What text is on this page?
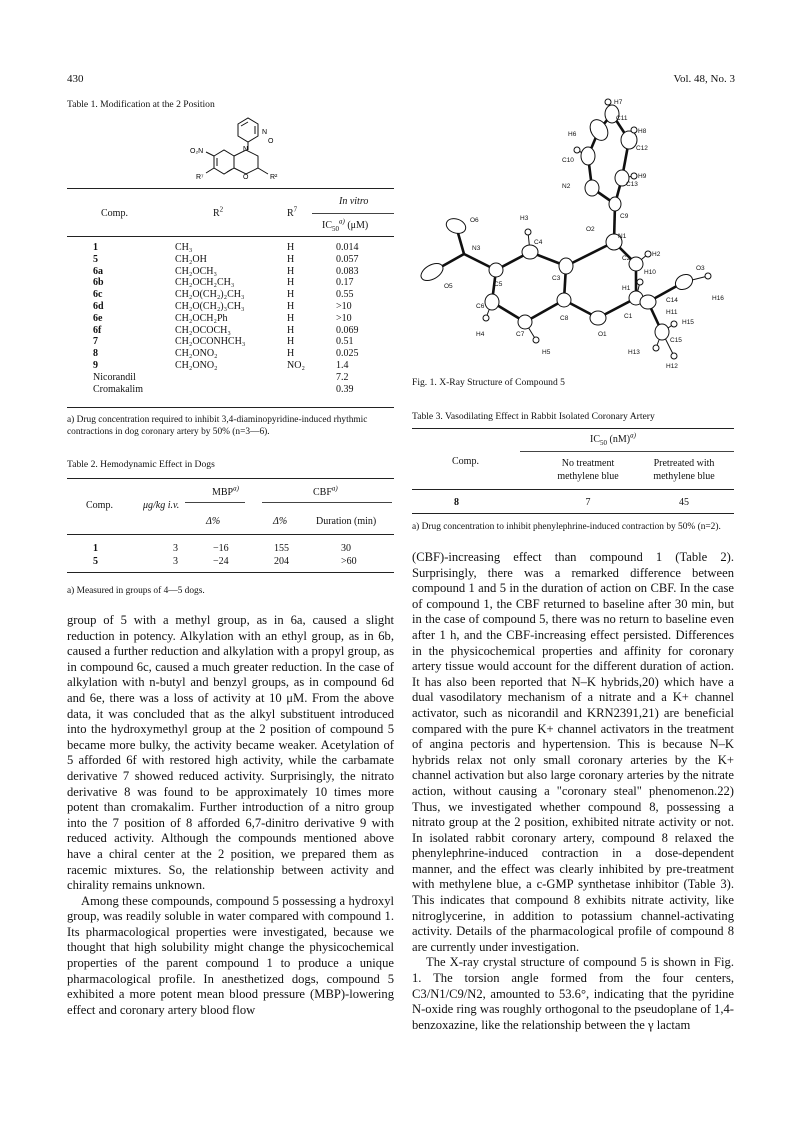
430	Vol. 48, No. 3
Table 1. Modification at the 2 Position
N
O
N
O
O₂N
R⁷	R²
In vitro
Comp.	$R^2$	$R^7$
$IC_{50}^{a)}$ (μM)
1	CH₃	H	0.014
5	CH₂OH	H	0.057
6a	CH₂OCH₃	H	0.083
6b	CH₂OCH₂CH₃	H	0.17
6c	CH₂O(CH₂)₂CH₃	H	0.55
6d	CH₂O(CH₂)₃CH₃	H	>10
6e	CH₂OCH₂Ph	H	>10
6f	CH₂OCOCH₃	H	0.069
7	CH₂OCONHCH₃	H	0.51
8	CH₂ONO₂	H	0.025
9	CH₂ONO₂	NO₂	1.4
Nicorandil	7.2
Cromakalim	0.39
a) Drug concentration required to inhibit 3,4-diaminopyridine-induced rhythmic contractions in dog coronary artery by 50% (n=3—6).
Table 2. Hemodynamic Effect in Dogs
MBP$^{a)}$	CBF$^{a)}$
Comp.	μg/kg i.v.
Δ%	Δ%	Duration (min)
1	3	−16	155	30
5	3	−24	204	>60
a) Measured in groups of 4—5 dogs.
H7
C11
H6	H8
C12
C10
N2	C13
H9
O6
O2
C9
H3
N3
C4
N1
C3
C2
H2
O3
C5
H10
H1
O5
C14	H16
C6
C8	C1
H11
H15
H4	C7	O1
H13
C15
H5
H12
Fig. 1. X-Ray Structure of Compound 5
Table 3. Vasodilating Effect in Rabbit Isolated Coronary Artery
$IC_{50}$ (nM)$^{a)}$
Comp.	No treatment
methylene blue
Pretreated with
methylene blue
8	7	45
a) Drug concentration to inhibit phenylephrine-induced contraction by 50% (n=2).

group of 5 with a methyl group, as in 6a, caused a slight reduction in potency. Alkylation with an ethyl group, as in 6b, caused a further reduction and alkylation with a propyl group, as in compound 6c, caused a much greater reduction. In the case of alkylation with n-butyl and benzyl groups, as in compound 6d and 6e, there was a loss of activity at 10 μM. From the above data, it was concluded that as the alkyl substituent introduced into the hydroxymethyl group at the 2 position of compound 5 became more bulky, the activity became weaker. Acetylation of 5 afforded 6f with restored high activity, while the carbamate derivative 7 showed reduced activity. Surprisingly, the nitrato derivative 8 was found to be approximately 10 times more potent than cromakalim. Further introduction of a nitro group into the 7 position of 8 afforded 6,7-dinitro derivative 9 with reduced activity. Although the compounds mentioned above have a chiral center at the 2 position, we prepared them as racemic mixtures. So, the relationship between activity and chirality remains unknown.

Among these compounds, compound 5 possessing a hydroxyl group, was readily soluble in water compared with compound 1. Its pharmacological properties were investigated, because we thought that high solubility might change the physicochemical properties of the parent compound 1 to produce a unique pharmacological profile. In anesthetized dogs, compound 5 exhibited a more potent mean blood pressure (MBP)-lowering effect and coronary artery blood flow

(CBF)-increasing effect than compound 1 (Table 2). Surprisingly, there was a remarked difference between compound 1 and 5 in the duration of action on CBF. In the case of compound 1, the CBF returned to baseline after 30 min, but in the case of compound 5, there was no return to baseline even after 1 h, and the CBF-increasing effect persisted. Differences in the physicochemical properties and affinity for coronary artery tissue would account for the different duration of action. It has also been reported that N–K hybrids,20) which have a dual vasodilatory mechanism of a nitrate and a K+ channel activator, such as nicorandil and KRN2391,21) are beneficial compared with the pure K+ channel activators in the treatment of angina pectoris and hypertension. This is because N–K hybrids relax not only small coronary arteries by the K+ channel activation but also large coronary arteries by the nitrate action, without causing a "coronary steal" phenomenon.22) Thus, we investigated whether compound 8, possessing a nitrato group at the 2 position, exhibited nitrate activity or not. In isolated rabbit coronary artery, compound 8 relaxed the phenylephrine-induced contraction in a dose-dependent manner, and the effect was clearly inhibited by pre-treatment with methylene blue, a c-GMP synthetase inhibitor (Table 3). This indicates that compound 8 exhibits nitrate activity, like nitroglycerine, in addition to potassium channel-activating activity. Details of the pharmacological profile of compound 8 are currently under investigation.

The X-ray crystal structure of compound 5 is shown in Fig. 1. The torsion angle formed from the four centers, C3/N1/C9/N2, amounted to 53.6°, indicating that the pyridine N-oxide ring was roughly orthogonal to the pseudoplane of 1,4-benzoxazine, like the relationship between the γ lactam
